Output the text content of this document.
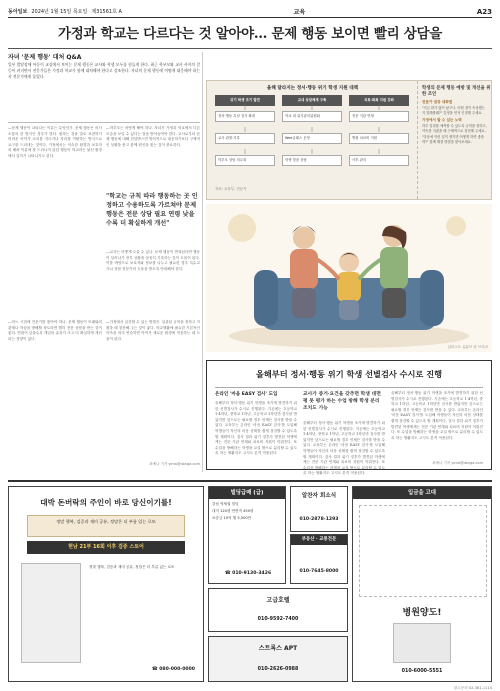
동아일보 2024년 1월 15일 목요일 제31561호 A	교육	A23
가정과 학교는 다르다는 것 알아야… 문제 행동 보이면 빨리 상담을
자녀 '문제 행동' 대처 Q&A
일부 발달장애 아동이 교실에서 보이는 문제 행동은 교사와 학생 모두를 힘들게 한다. 최근 학부모와 교사 사이의 갈등이 커지면서 전문가들은 가정과 학교가 함께 대처해야 한다고 강조한다. 자녀의 문제 행동에 어떻게 대응해야 하는지 전문가에게 물었다.
―문제 행동이 나타나는 이유는 무엇인가. 문제 행동은 의사소통의 한 방식인 경우가 많다. 원하는 것을 말로 표현하기 어려운 아이가 소리를 지르거나 자리를 이탈하는 방식으로 요구를 드러내는 것이다. 가정에서는 익숙한 환경과 보호자의 배려 덕분에 잘 드러나지 않던 행동이 학교라는 낯선 환경에서 갑자기 나타나기도 한다.
―학부모는 어떻게 해야 하나. 자녀가 가정과 학교에서 다른 모습을 보일 수 있다는 점을 받아들여야 한다. 교사로부터 문제 행동에 대해 전달받으면 방어적으로 대응하기보다 구체적인 상황을 묻고 함께 원인을 찾는 것이 중요하다.
"학교는 규칙 따라 행동하는 곳 인정하고 수용하도록 가르쳐야 문제 행동은 전문 상담 필요 연령 낮을수록 더 확실하게 개선"
―교사는 어떻게 도울 수 있나. 문제 행동이 반복된다면 행동이 일어나기 전후 상황을 꼼꼼히 기록하는 것이 도움이 된다. 이를 바탕으로 보호자와 정보를 나누고 필요한 경우 특수교사나 상담 전문가의 도움을 받도록 안내해야 한다.
―어느 시점에 전문가를 찾아야 하나. 문제 행동이 또래와의 관계나 학습을 방해할 정도라면 빨리 전문 상담을 받는 것이 좋다. 연령이 낮을수록 개입의 효과가 크고 더 확실하게 개선되는 경향이 있다.
―가정에서 실천할 수 있는 방법은. 일관된 규칙을 정하고 지켰을 때 칭찬해 주는 것이 좋다. 학교생활에 필요한 기본적인 약속을 미리 연습하면 아이가 새로운 환경에 적응하는 데 도움이 된다.
최예나 기자 yena@donga.com
올해 달라지는 정서·행동 위기 학생 지원 대책
위기 학생 조기 발견	교내 상담체계 구축	치료·회복 지원 강화
정서·행동 특성 검사 확대	학교 내 위기관리위원회	전문 기관 연계
교사 관찰·기록	Wee클래스 운영	병원 치료비 지원
학부모 상담 의무화	학생 맞춤 상담	사후 관리
자료: 교육부, 전문가
학생의 문제 행동 예방 및 개선을 위한 조언
전문가 권장 대화법
"지금 화가 많이 났구나. 어떤 점이 속상했는지 말해줄래?" 감정을 먼저 인정해 주세요.
가정에서 할 수 있는 노력
하루 일과를 예측할 수 있도록 규칙을 정하고, 약속을 지켰을 때 구체적으로 칭찬해 주세요.
"다음에 이런 일이 생기면 어떻게 하면 좋을까?" 함께 해결 방법을 찾아보세요.
일러스트 유튜브 라 브리코
올해부터 정서·행동 위기 학생 선별검사 수시로 진행
온라인 '마음 EASY 검사' 도입	교사가 증거·요건을 갖추면 학생 대면평 못 평가 하는 수업 방해 학생 분리 조치도 가능
올해부터 정서·행동 위기 학생을 조기에 발견하기 위한 선별검사가 수시로 진행된다. 기존에는 초등학교 1·4학년, 중학교 1학년, 고등학교 1학년만 검사를 받았지만 앞으로는 필요할 경우 언제든 검사를 받을 수 있다. 교육부는 온라인 '마음 EASY 검사'를 도입해 학생들이 자신의 마음 상태를 쉽게 점검할 수 있도록 할 계획이다. 검사 결과 위기 징후가 발견된 학생에게는 전문 기관 연계와 치료비 지원이 이뤄진다. 또 수업을 방해하는 학생을 교실 밖으로 분리할 수 있도록 하는 생활지도 고시도 본격 적용된다.
올해부터 정서·행동 위기 학생을 조기에 발견하기 위한 선별검사가 수시로 진행된다. 기존에는 초등학교 1·4학년, 중학교 1학년, 고등학교 1학년만 검사를 받았지만 앞으로는 필요할 경우 언제든 검사를 받을 수 있다. 교육부는 온라인 '마음 EASY 검사'를 도입해 학생들이 자신의 마음 상태를 쉽게 점검할 수 있도록 할 계획이다. 검사 결과 위기 징후가 발견된 학생에게는 전문 기관 연계와 치료비 지원이 이뤄진다. 또 수업을 방해하는 학생을 교실 밖으로 분리할 수 있도록 하는 생활지도 고시도 본격 적용된다.
올해부터 정서·행동 위기 학생을 조기에 발견하기 위한 선별검사가 수시로 진행된다. 기존에는 초등학교 1·4학년, 중학교 1학년, 고등학교 1학년만 검사를 받았지만 앞으로는 필요할 경우 언제든 검사를 받을 수 있다. 교육부는 온라인 '마음 EASY 검사'를 도입해 학생들이 자신의 마음 상태를 쉽게 점검할 수 있도록 할 계획이다. 검사 결과 위기 징후가 발견된 학생에게는 전문 기관 연계와 치료비 지원이 이뤄진다. 또 수업을 방해하는 학생을 교실 밖으로 분리할 수 있도록 하는 생활지도 고시도 본격 적용된다.
최예나 기자 yena@donga.com
대박 돈버락의 주인이 바로 당신이기를!
정말 행복, 검증과 재미 공유, 정말은 더 부름 있는 로또
현남 21부 16회 이후 검증 스토어
정말 행복, 검증과 재미 공유, 정말은 더 부름 있는 로또
☎ 080-000-0000
빌딩급매 (급)
강남 역세권 빌딩
대지 120평 연면적 450평
보증금 10억 월 5,500만
☎ 010-9130-3426
알찬자 회소식
010-2878-1293
부동산 · 교통전문
010-7645-8000
고급호텔
010-9592-7400
스트록스 APT
010-2626-0988
입금을 고대
병원양도!
010-6000-5551
광고문의 02-361-1114
